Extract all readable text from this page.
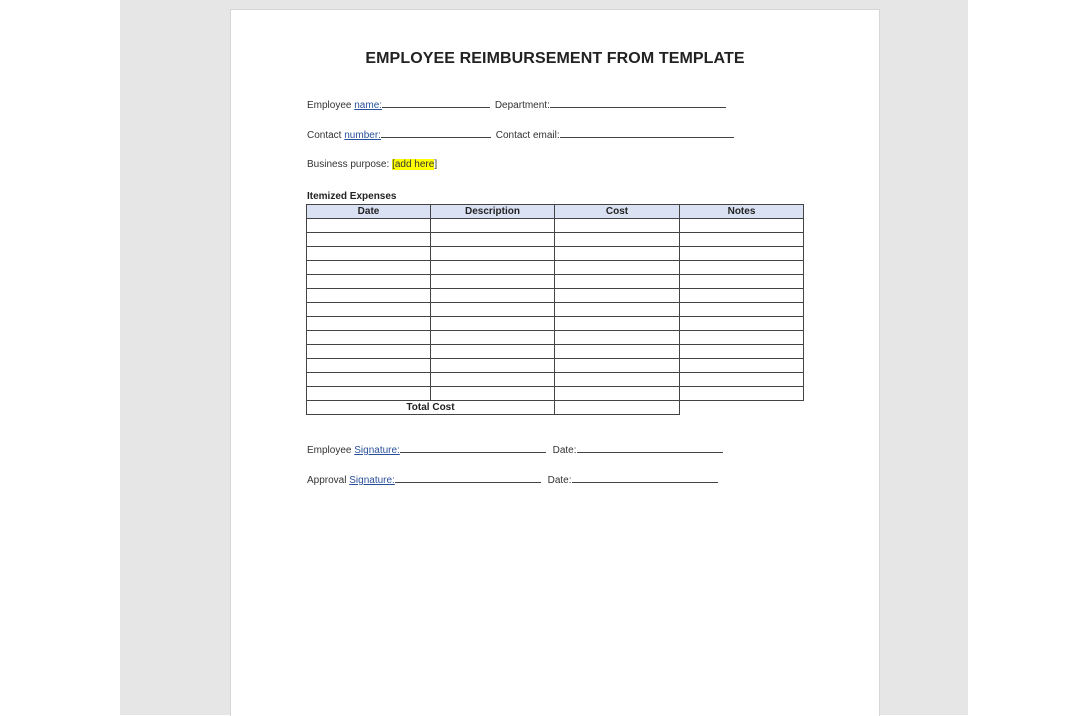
EMPLOYEE REIMBURSEMENT FROM TEMPLATE
Employee name:	Department:
Contact number:	Contact email:
Business purpose: [add here]
Itemized Expenses
Date	Description	Cost	Notes

Total Cost			
Employee Signature:	Date:
Approval Signature:	Date:
